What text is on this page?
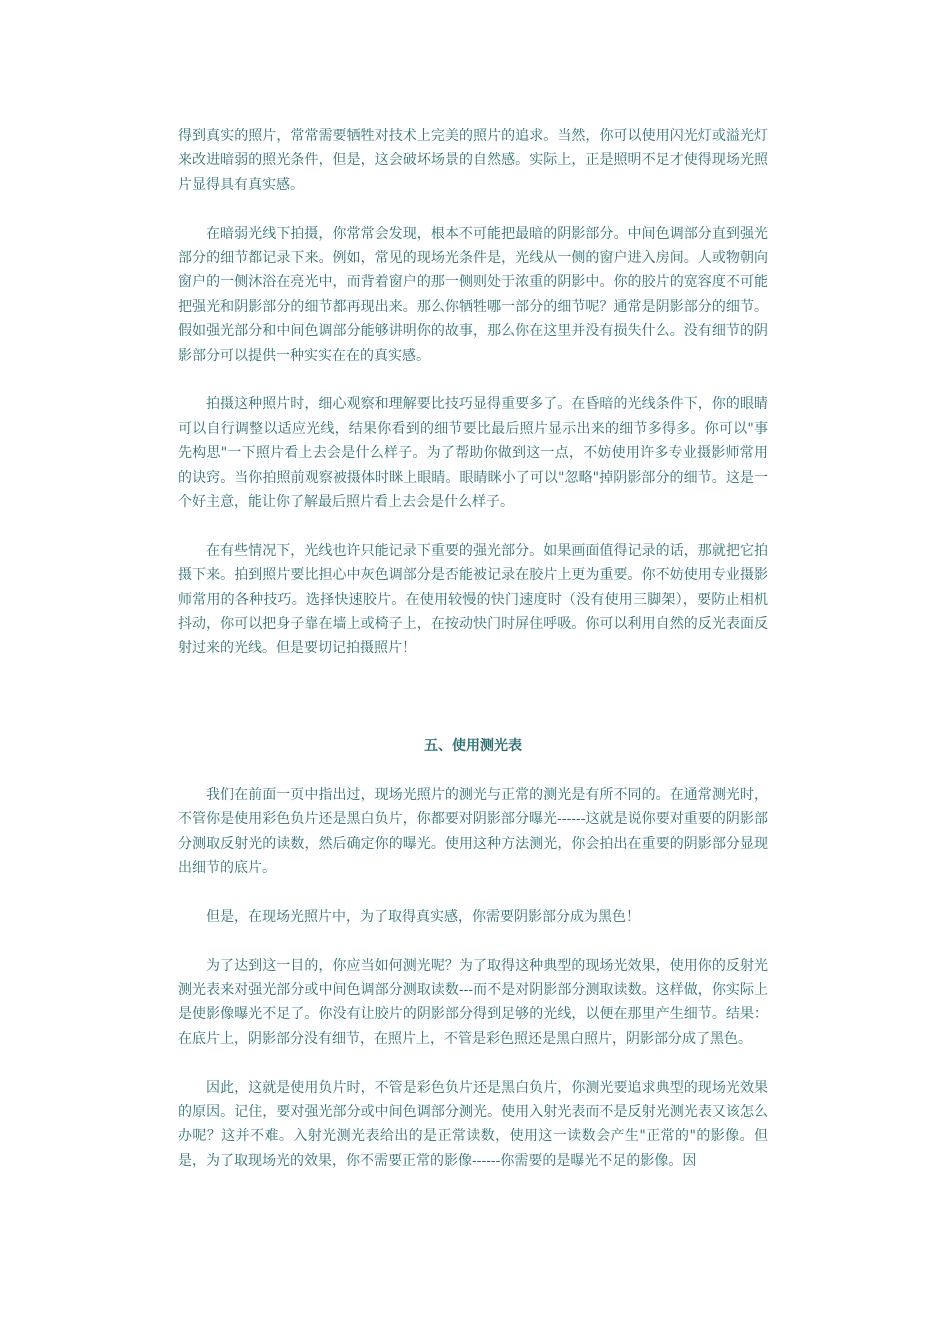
得到真实的照片，常常需要牺牲对技术上完美的照片的追求。当然，你可以使用闪光灯或溢光灯来改进暗弱的照光条件，但是，这会破坏场景的自然感。实际上，正是照明不足才使得现场光照片显得具有真实感。

在暗弱光线下拍摄，你常常会发现，根本不可能把最暗的阴影部分。中间色调部分直到强光部分的细节都记录下来。例如，常见的现场光条件是，光线从一侧的窗户进入房间。人或物朝向窗户的一侧沐浴在亮光中，而背着窗户的那一侧则处于浓重的阴影中。你的胶片的宽容度不可能把强光和阴影部分的细节都再现出来。那么你牺牲哪一部分的细节呢？通常是阴影部分的细节。假如强光部分和中间色调部分能够讲明你的故事，那么你在这里并没有损失什么。没有细节的阴影部分可以提供一种实实在在的真实感。

拍摄这种照片时，细心观察和理解要比技巧显得重要多了。在昏暗的光线条件下，你的眼睛可以自行调整以适应光线，结果你看到的细节要比最后照片显示出来的细节多得多。你可以"事先构思"一下照片看上去会是什么样子。为了帮助你做到这一点，不妨使用许多专业摄影师常用的诀窍。当你拍照前观察被摄体时眯上眼睛。眼睛眯小了可以"忽略"掉阴影部分的细节。这是一个好主意，能让你了解最后照片看上去会是什么样子。

在有些情况下，光线也许只能记录下重要的强光部分。如果画面值得记录的话，那就把它拍摄下来。拍到照片要比担心中灰色调部分是否能被记录在胶片上更为重要。你不妨使用专业摄影师常用的各种技巧。选择快速胶片。在使用较慢的快门速度时（没有使用三脚架），要防止相机抖动，你可以把身子靠在墙上或椅子上，在按动快门时屏住呼吸。你可以利用自然的反光表面反射过来的光线。但是要切记拍摄照片！

五、使用测光表

我们在前面一页中指出过，现场光照片的测光与正常的测光是有所不同的。在通常测光时，不管你是使用彩色负片还是黑白负片，你都要对阴影部分曝光------这就是说你要对重要的阴影部分测取反射光的读数，然后确定你的曝光。使用这种方法测光，你会拍出在重要的阴影部分显现出细节的底片。

但是，在现场光照片中，为了取得真实感，你需要阴影部分成为黑色！

为了达到这一目的，你应当如何测光呢？为了取得这种典型的现场光效果，使用你的反射光测光表来对强光部分或中间色调部分测取读数---而不是对阴影部分测取读数。这样做，你实际上是使影像曝光不足了。你没有让胶片的阴影部分得到足够的光线，以便在那里产生细节。结果：在底片上，阴影部分没有细节，在照片上，不管是彩色照还是黑白照片，阴影部分成了黑色。

因此，这就是使用负片时，不管是彩色负片还是黑白负片，你测光要追求典型的现场光效果的原因。记住，要对强光部分或中间色调部分测光。使用入射光表而不是反射光测光表又该怎么办呢？这并不难。入射光测光表给出的是正常读数，使用这一读数会产生"正常的"的影像。但是，为了取现场光的效果，你不需要正常的影像------你需要的是曝光不足的影像。因
